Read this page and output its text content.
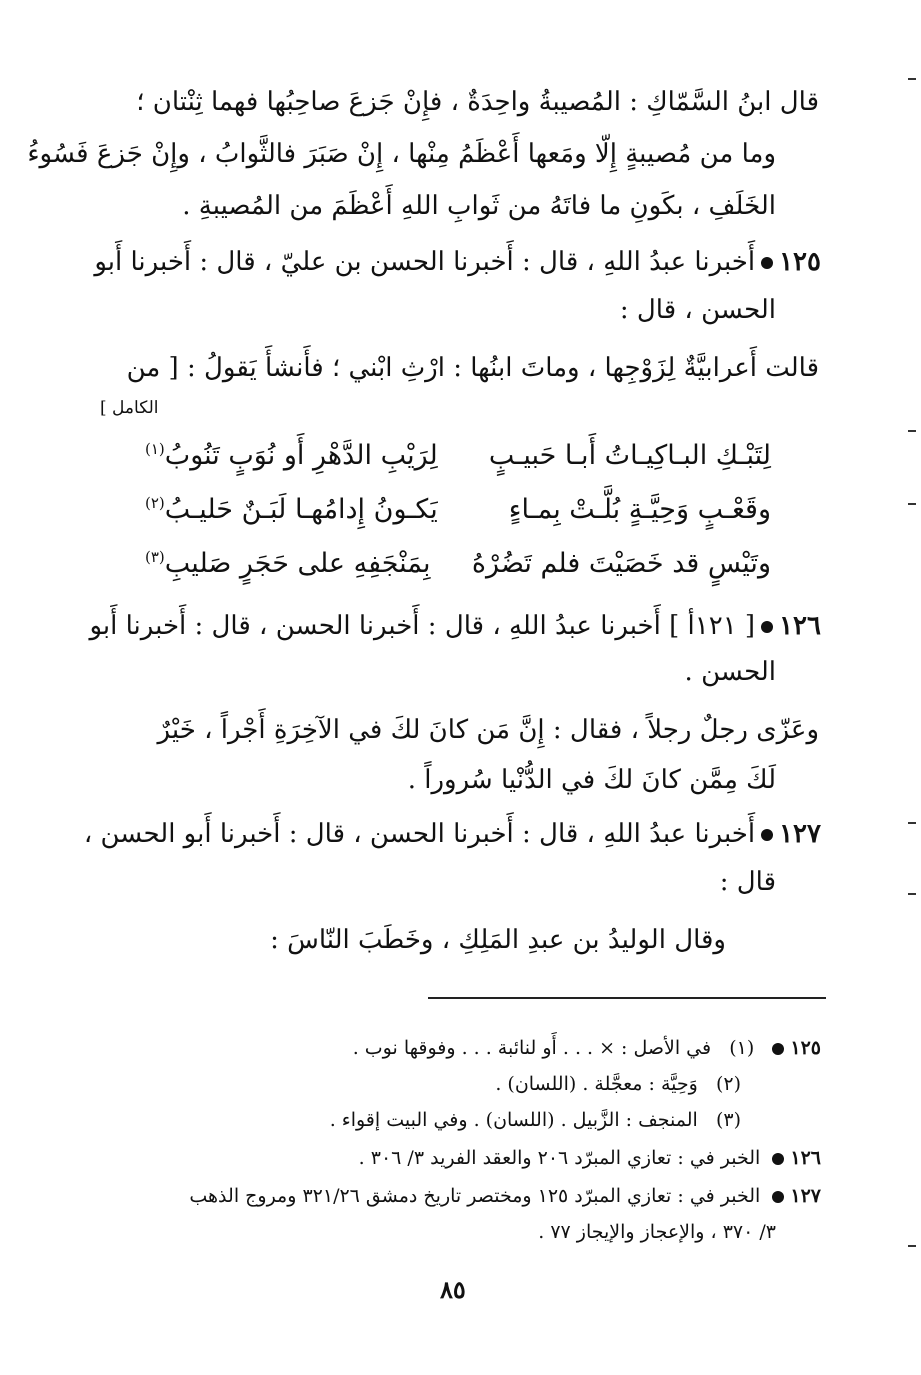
قال ابنُ السَّمّاكِ : المُصيبةُ واحِدَةٌ ، فإِنْ جَزعَ صاحِبُها فهما ثِنْتان ؛
وما من مُصيبةٍ إِلّا ومَعها أَعْظَمُ مِنْها ، إِنْ صَبَرَ فالثَّوابُ ، وإِنْ جَزعَ فَسُوءُ
الخَلَفِ ، بكَونِ ما فاتَهُ من ثَوابِ اللهِ أَعْظَمَ من المُصيبةِ .
١٢٥أَخبرنا عبدُ اللهِ ، قال : أَخبرنا الحسن بن عليّ ، قال : أَخبرنا أَبو
الحسن ، قال :
قالت أَعرابيَّةٌ لِزَوْجِها ، وماتَ ابنُها : ارْثِ ابْني ؛ فأَنشأَ يَقولُ : [ من
الكامل ]
لِتَبْـكِ البـاكِيـاتُ أَبـا حَبيـبٍ
لِرَيْبِ الدَّهْرِ أَو نُوَبٍ تَنُوبُ$^{(١)}$
وقَعْـبٍ وَحِيَّـةٍ بُلَّـتْ بِمـاءٍ
يَكـونُ إِدامُهـا لَبَـنٌ حَليـبُ$^{(٢)}$
وتَيْسٍ قد خَصَيْتَ فلم تَضُرْهُ
بِمَنْجَفِهِ على حَجَرٍ صَليبِ$^{(٣)}$
١٢٦[ ١٢١أ ] أَخبرنا عبدُ اللهِ ، قال : أَخبرنا الحسن ، قال : أَخبرنا أَبو
الحسن .
وعَزّى رجلٌ رجلاً ، فقال : إِنَّ مَن كانَ لكَ في الآخِرَةِ أَجْراً ، خَيْرٌ
لَكَ مِمَّن كانَ لكَ في الدُّنْيا سُروراً .
١٢٧أَخبرنا عبدُ اللهِ ، قال : أَخبرنا الحسن ، قال : أَخبرنا أَبو الحسن ،
قال :
وقال الوليدُ بن عبدِ المَلِكِ ، وخَطَبَ النّاسَ :
١٢٥  (١)   في الأصل : × . . . أَو لنائبة . . . وفوقها نوب .
(٢)   وَحِيَّة : معجَّلة . (اللسان) .
(٣)   المنجف : الزَّبيل . (اللسان) . وفي البيت إقواء .
١٢٦ الخبر في : تعازي المبرّد ٢٠٦ والعقد الفريد ٣/ ٣٠٦ .
١٢٧ الخبر في : تعازي المبرّد ١٢٥ ومختصر تاريخ دمشق ٣٢١/٢٦ ومروج الذهب
٣/ ٣٧٠ ، والإعجاز والإيجاز ٧٧ .
٨٥
